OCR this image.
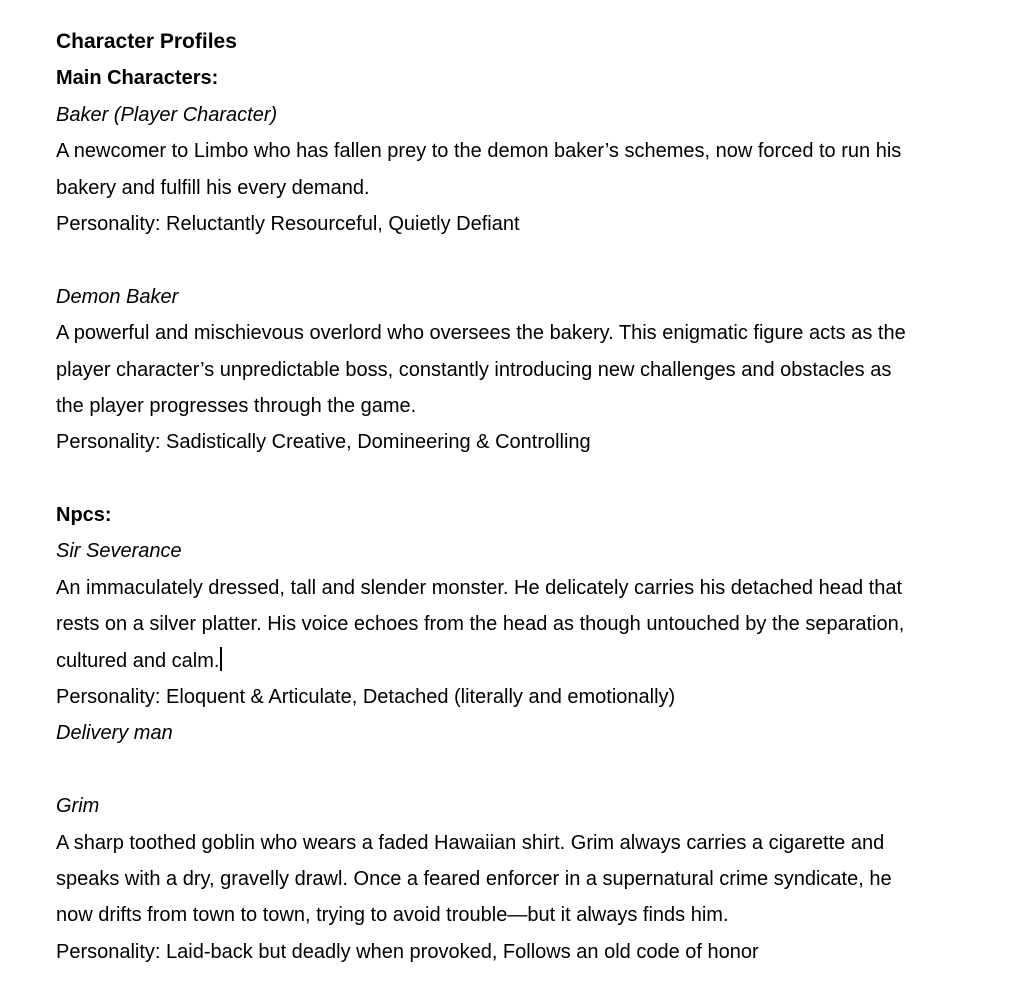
Character Profiles
Main Characters:
Baker (Player Character)
A newcomer to Limbo who has fallen prey to the demon baker’s schemes, now forced to run his
bakery and fulfill his every demand.
Personality: Reluctantly Resourceful, Quietly Defiant
Demon Baker
A powerful and mischievous overlord who oversees the bakery. This enigmatic figure acts as the
player character’s unpredictable boss, constantly introducing new challenges and obstacles as
the player progresses through the game.
Personality: Sadistically Creative, Domineering & Controlling
Npcs:
Sir Severance
An immaculately dressed, tall and slender monster. He delicately carries his detached head that
rests on a silver platter. His voice echoes from the head as though untouched by the separation,
cultured and calm.
Personality: Eloquent & Articulate, Detached (literally and emotionally)
Delivery man
Grim
A sharp toothed goblin who wears a faded Hawaiian shirt. Grim always carries a cigarette and
speaks with a dry, gravelly drawl. Once a feared enforcer in a supernatural crime syndicate, he
now drifts from town to town, trying to avoid trouble—but it always finds him.
Personality: Laid-back but deadly when provoked, Follows an old code of honor
